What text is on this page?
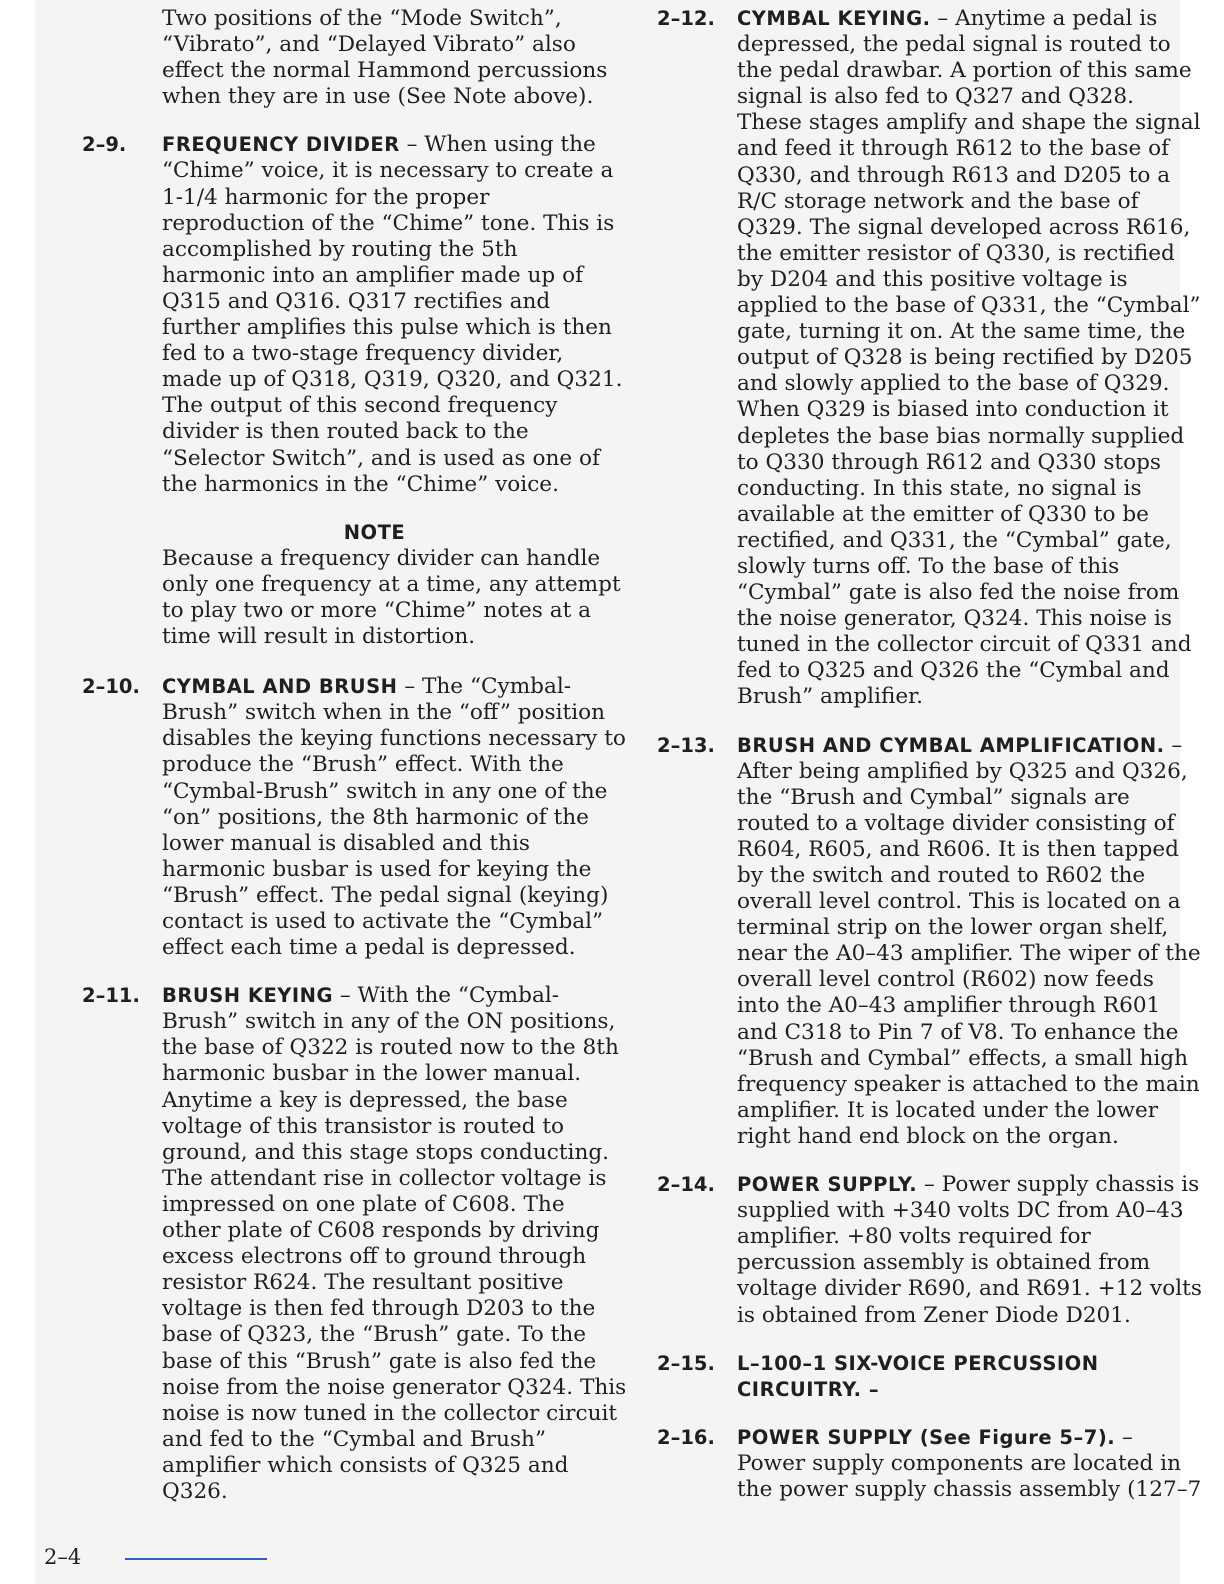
Two positions of the “Mode Switch”, “Vibrato”, and “Delayed Vibrato” also effect the normal Hammond percussions when they are in use (See Note above).

2–9. FREQUENCY DIVIDER – When using the “Chime” voice, it is necessary to create a 1-1/4 harmonic for the proper reproduction of the “Chime” tone. This is accomplished by routing the 5th harmonic into an amplifier made up of Q315 and Q316. Q317 rectifies and further amplifies this pulse which is then fed to a two-stage frequency divider, made up of Q318, Q319, Q320, and Q321. The output of this second frequency divider is then routed back to the “Selector Switch”, and is used as one of the harmonics in the “Chime” voice.
NOTE
Because a frequency divider can handle only one frequency at a time, any attempt to play two or more “Chime” notes at a time will result in distortion.
2–10. CYMBAL AND BRUSH – The “Cymbal-Brush” switch when in the “off” position disables the keying functions necessary to produce the “Brush” effect. With the “Cymbal-Brush” switch in any one of the “on” positions, the 8th harmonic of the lower manual is disabled and this harmonic busbar is used for keying the “Brush” effect. The pedal signal (keying) contact is used to activate the “Cymbal” effect each time a pedal is depressed.
2–11. BRUSH KEYING – With the “Cymbal-Brush” switch in any of the ON positions, the base of Q322 is routed now to the 8th harmonic busbar in the lower manual. Anytime a key is depressed, the base voltage of this transistor is routed to ground, and this stage stops conducting. The attendant rise in collector voltage is impressed on one plate of C608. The other plate of C608 responds by driving excess electrons off to ground through resistor R624. The resultant positive voltage is then fed through D203 to the base of Q323, the “Brush” gate. To the base of this “Brush” gate is also fed the noise from the noise generator Q324. This noise is now tuned in the collector circuit and fed to the “Cymbal and Brush” amplifier which consists of Q325 and Q326.
2–12. CYMBAL KEYING. – Anytime a pedal is depressed, the pedal signal is routed to the pedal drawbar. A portion of this same signal is also fed to Q327 and Q328. These stages amplify and shape the signal and feed it through R612 to the base of Q330, and through R613 and D205 to a R/C storage network and the base of Q329. The signal developed across R616, the emitter resistor of Q330, is rectified by D204 and this positive voltage is applied to the base of Q331, the “Cymbal” gate, turning it on. At the same time, the output of Q328 is being rectified by D205 and slowly applied to the base of Q329. When Q329 is biased into conduction it depletes the base bias normally supplied to Q330 through R612 and Q330 stops conducting. In this state, no signal is available at the emitter of Q330 to be rectified, and Q331, the “Cymbal” gate, slowly turns off. To the base of this “Cymbal” gate is also fed the noise from the noise generator, Q324. This noise is tuned in the collector circuit of Q331 and fed to Q325 and Q326 the “Cymbal and Brush” amplifier.
2–13. BRUSH AND CYMBAL AMPLIFICATION. – After being amplified by Q325 and Q326, the “Brush and Cymbal” signals are routed to a voltage divider consisting of R604, R605, and R606. It is then tapped by the switch and routed to R602 the overall level control. This is located on a terminal strip on the lower organ shelf, near the A0–43 amplifier. The wiper of the overall level control (R602) now feeds into the A0–43 amplifier through R601 and C318 to Pin 7 of V8. To enhance the “Brush and Cymbal” effects, a small high frequency speaker is attached to the main amplifier. It is located under the lower right hand end block on the organ.
2–14. POWER SUPPLY. – Power supply chassis is supplied with +340 volts DC from A0–43 amplifier. +80 volts required for percussion assembly is obtained from voltage divider R690, and R691. +12 volts is obtained from Zener Diode D201.
2–15. L–100–1 SIX-VOICE PERCUSSION CIRCUITRY. –
2–16. POWER SUPPLY (See Figure 5–7). – Power supply components are located in the power supply chassis assembly (127–7
2–4
